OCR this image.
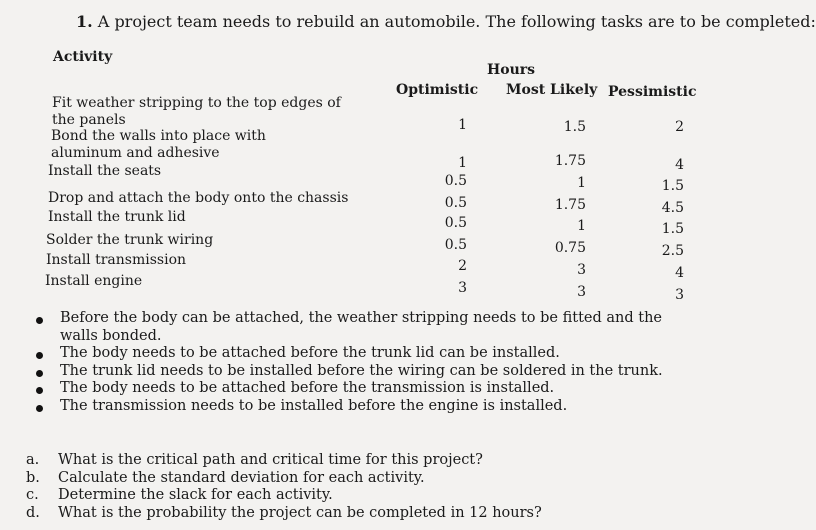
1. A project team needs to rebuild an automobile. The following tasks are to be completed:
Activity
Hours
Optimistic Most Likely Pessimistic
Fit weather stripping to the top edges of the panels
Bond the walls into place with aluminum and adhesive
Install the seats
Drop and attach the body onto the chassis
Install the trunk lid
Solder the trunk wiring
Install transmission
Install engine
1
1
0.5
0.5
0.5
0.5
2
3
1.5
1.75
1
1.75
1
0.75
3
3
2
4
1.5
4.5
1.5
2.5
4
3
Before the body can be attached, the weather stripping needs to be fitted and the walls bonded.
The body needs to be attached before the trunk lid can be installed.
The trunk lid needs to be installed before the wiring can be soldered in the trunk.
The body needs to be attached before the transmission is installed.
The transmission needs to be installed before the engine is installed.
a. What is the critical path and critical time for this project?
b. Calculate the standard deviation for each activity.
c. Determine the slack for each activity.
d. What is the probability the project can be completed in 12 hours?
